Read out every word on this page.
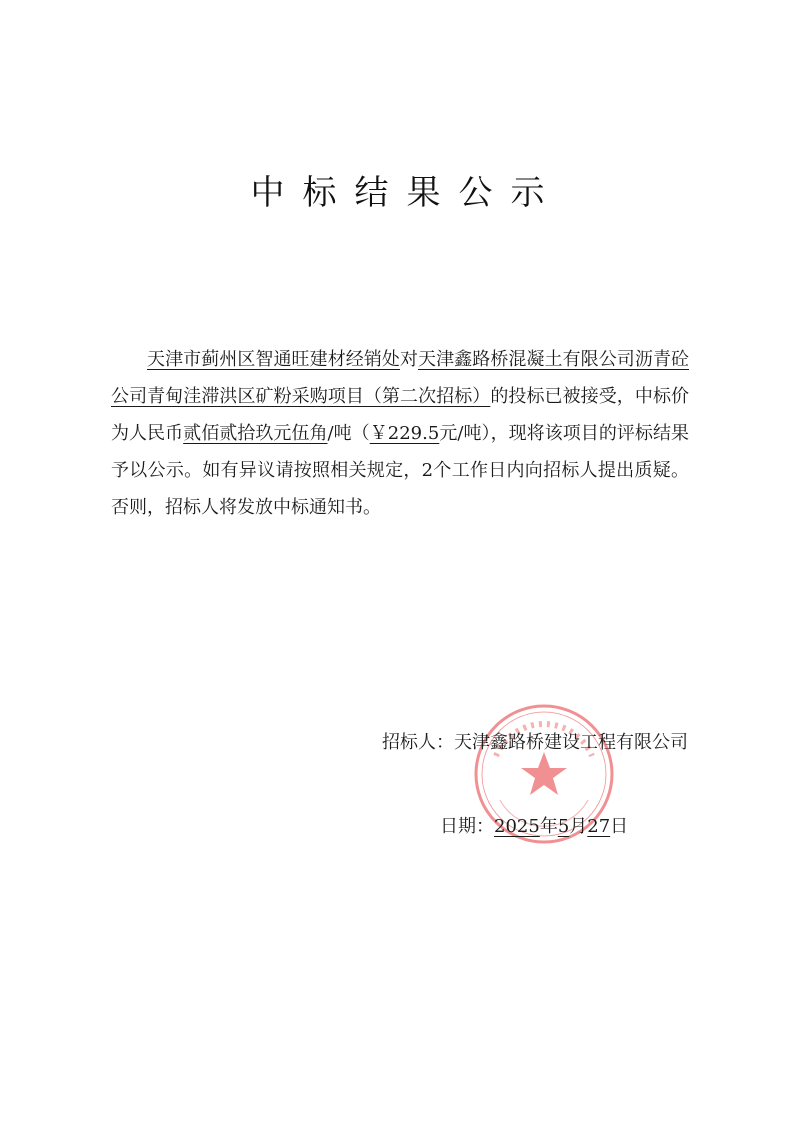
中标结果公示
天津市蓟州区智通旺建材经销处对天津鑫路桥混凝土有限公司沥青砼公司青甸洼滞洪区矿粉采购项目（第二次招标）的投标已被接受，中标价为人民币贰佰贰拾玖元伍角/吨（￥229.5元/吨），现将该项目的评标结果予以公示。如有异议请按照相关规定，2个工作日内向招标人提出质疑。否则，招标人将发放中标通知书。
招标人：天津鑫路桥建设工程有限公司
日期：2025年5月27日
